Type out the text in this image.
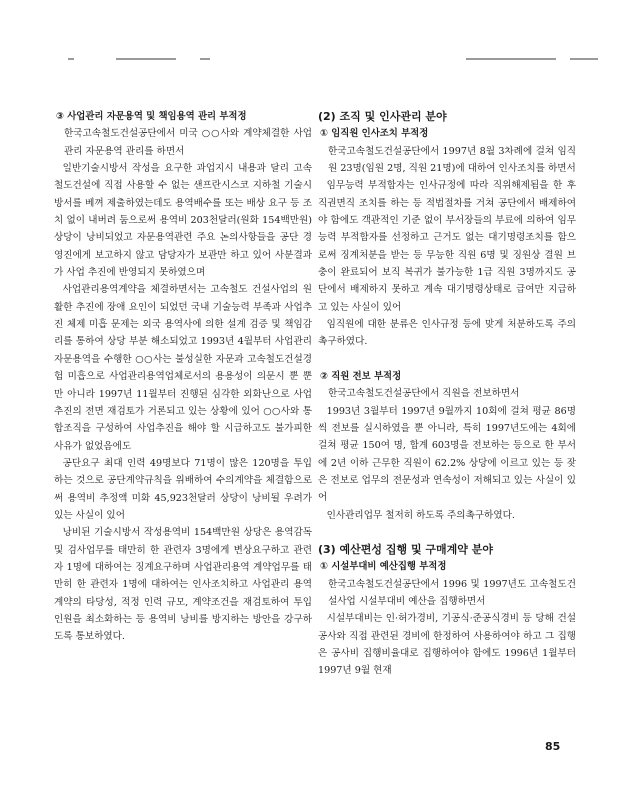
③ 사업관리 자문용역 및 책임용역 관리 부적정

한국고속철도건설공단에서 미국 ○○사와 계약체결한 사업관리 자문용역 관리를 하면서

일반기술시방서 작성을 요구한 과업지시 내용과 달리 고속철도건설에 직접 사용할 수 없는 샌프란시스코 지하철 기술시방서를 베껴 제출하였는데도 용역배수를 또는 배상 요구 등 조치 없이 내버려 둠으로써 용역비 203천달러(원화 154백만원)상당이 낭비되었고 자문용역관련 주요 논의사항들을 공단 경영진에게 보고하지 않고 담당자가 보관만 하고 있어 사분결과가 사업 추진에 반영되지 못하였으며

사업관리용역계약을 체결하면서는 고속철도 건설사업의 원활한 추진에 장애 요인이 되었던 국내 기술능력 부족과 사업추진 체제 미흡 문제는 외국 용역사에 의한 설계 검증 및 책임감리를 통하여 상당 부분 해소되었고 1993년 4월부터 사업관리자문용역을 수행한 ○○사는 불성실한 자문과 고속철도건설경험 미흡으로 사업관리용역업체로서의 용용성이 의문시 뿐 뿐만 아니라 1997년 11월부터 진행된 심각한 외화난으로 사업추진의 전면 재검토가 거론되고 있는 상황에 있어 ○○사와 통합조직을 구성하여 사업추진을 해야 할 시급하고도 불가피한 사유가 없었음에도

공단요구 최대 인력 49명보다 71명이 많은 120명을 투입하는 것으로 공단계약규칙을 위배하여 수의계약을 체결함으로써 용역비 추정액 미화 45,923천달러 상당이 낭비될 우려가 있는 사실이 있어

낭비된 기술시방서 작성용역비 154백만원 상당은 용역감독 및 검사업무를 태만히 한 관련자 3명에게 변상요구하고 관련자 1명에 대하여는 징계요구하며 사업관리용역 계약업무를 태만히 한 관련자 1명에 대하여는 인사조치하고 사업관리 용역계약의 타당성, 적정 인력 규모, 계약조건을 재검토하여 투입인원을 최소화하는 등 용역비 낭비를 방지하는 방안을 강구하도록 통보하였다.

(2) 조직 및 인사관리 분야

① 임직원 인사조치 부적정

한국고속철도건설공단에서 1997년 8월 3차례에 걸쳐 임직원 23명(임원 2명, 직원 21명)에 대하여 인사조치를 하면서

임무능력 부적합자는 인사규정에 따라 직위해제됨을 한 후 직권면직 조치를 하는 등 적법절차를 거쳐 공단에서 배제하여야 함에도 객관적인 기준 없이 부서장들의 부료에 의하여 임무능력 부적합자를 선정하고 근거도 없는 대기명령조치를 함으로써 징계처분을 받는 등 무능한 직원 6명 및 징원상 결원 브충이 완료되어 보직 복귀가 불가능한 1급 직원 3명까지도 공단에서 배제하지 못하고 계속 대기명령상태로 급여만 지급하고 있는 사실이 있어

임직원에 대한 분류은 인사규정 등에 맞게 처분하도록 주의촉구하였다.

② 직원 전보 부적정

한국고속철도건설공단에서 직원을 전보하면서

1993년 3월부터 1997년 9월까지 10회에 걸쳐 평균 86명씩 전보를 실시하였을 뿐 아니라, 특히 1997년도에는 4회에 걸쳐 평균 150여 명, 합계 603명을 전보하는 등으로 한 부서에 2년 이하 근무한 직원이 62.2% 상당에 이르고 있는 등 잦은 전보로 업무의 전문성과 연속성이 저해되고 있는 사실이 있어

인사관리업무 철저히 하도록 주의촉구하였다.

(3) 예산편성 집행 및 구매계약 분야

① 시설부대비 예산집행 부적정

한국고속철도건설공단에서 1996 및 1997년도 고속철도건설사업 시설부대비 예산을 집행하면서

시설부대비는 인·허가경비, 기공식·준공식경비 등 당해 건설공사와 직접 관련된 경비에 한정하여 사용하여야 하고 그 집행은 공사비 집행비율대로 집행하여야 함에도 1996년 1월부터 1997년 9월 현재

85
